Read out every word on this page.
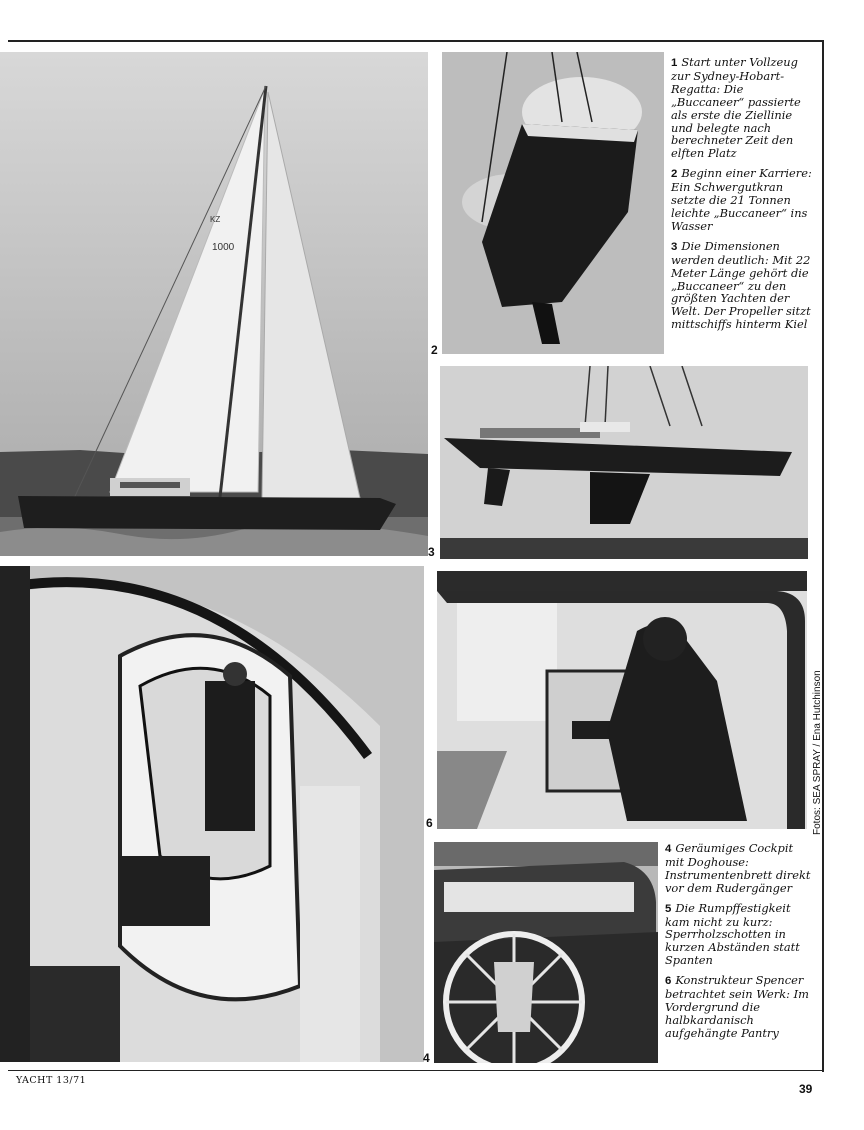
KZ
1000
2
3
6
4

1 Start unter Vollzeug zur Sydney-Hobart-Regatta: Die „Buccaneer“ passierte als erste die Ziellinie und belegte nach berechneter Zeit den elften Platz

2 Beginn einer Karriere: Ein Schwergutkran setzte die 21 Tonnen leichte „Buccaneer“ ins Wasser

3 Die Dimensionen werden deutlich: Mit 22 Meter Länge gehört die „Buccaneer“ zu den größten Yachten der Welt. Der Propeller sitzt mittschiffs hinterm Kiel

4 Geräumiges Cockpit mit Doghouse: Instrumentenbrett direkt vor dem Rudergänger

5 Die Rumpffestigkeit kam nicht zu kurz: Sperrholzschotten in kurzen Abständen statt Spanten

6 Konstrukteur Spencer betrachtet sein Werk: Im Vordergrund die halbkardanisch aufgehängte Pantry

Fotos: SEA SPRAY / Ena Hutchinson
YACHT 13/71
39
